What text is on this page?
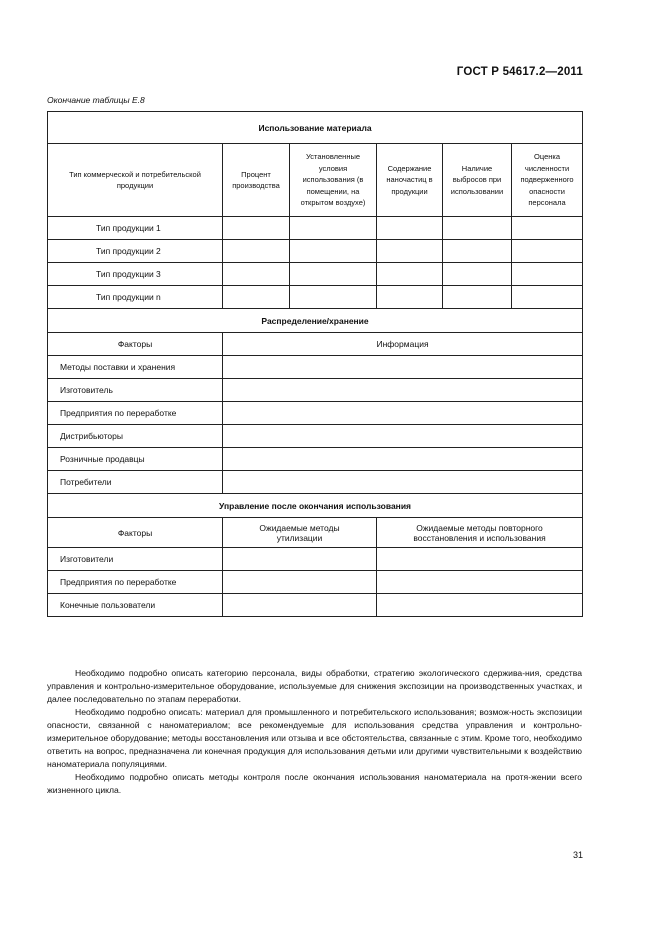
ГОСТ Р 54617.2—2011
Окончание таблицы Е.8
Использование материала					
Тип коммерческой и потребительской продукции	Процент производства	Установленные условия использования (в помещении, на открытом воздухе)	Содержание наночастиц в продукции	Наличие выбросов при использовании	Оценка численности подверженного опасности персонала
Тип продукции 1					
Тип продукции 2					
Тип продукции 3					
Тип продукции n					
Распределение/хранение					
Факторы	Информация				
Методы поставки и хранения					
Изготовитель					
Предприятия по переработке					
Дистрибьюторы					
Розничные продавцы					
Потребители					
Управление после окончания использования					
Факторы	Ожидаемые методы утилизации		Ожидаемые методы повторного восстановления и использования		
Изготовители					
Предприятия по переработке					
Конечные пользователи					

Необходимо подробно описать категорию персонала, виды обработки, стратегию экологического сдержива-ния, средства управления и контрольно-измерительное оборудование, используемые для снижения экспозиции на производственных участках, и далее последовательно по этапам переработки.

Необходимо подробно описать: материал для промышленного и потребительского использования; возмож-ность экспозиции опасности, связанной с наноматериалом; все рекомендуемые для использования средства управления и контрольно-измерительное оборудование; методы восстановления или отзыва и все обстоятельства, связанные с этим. Кроме того, необходимо ответить на вопрос, предназначена ли конечная продукция для использования детьми или другими чувствительными к воздействию наноматериала популяциями.

Необходимо подробно описать методы контроля после окончания использования наноматериала на протя-жении всего жизненного цикла.

31
